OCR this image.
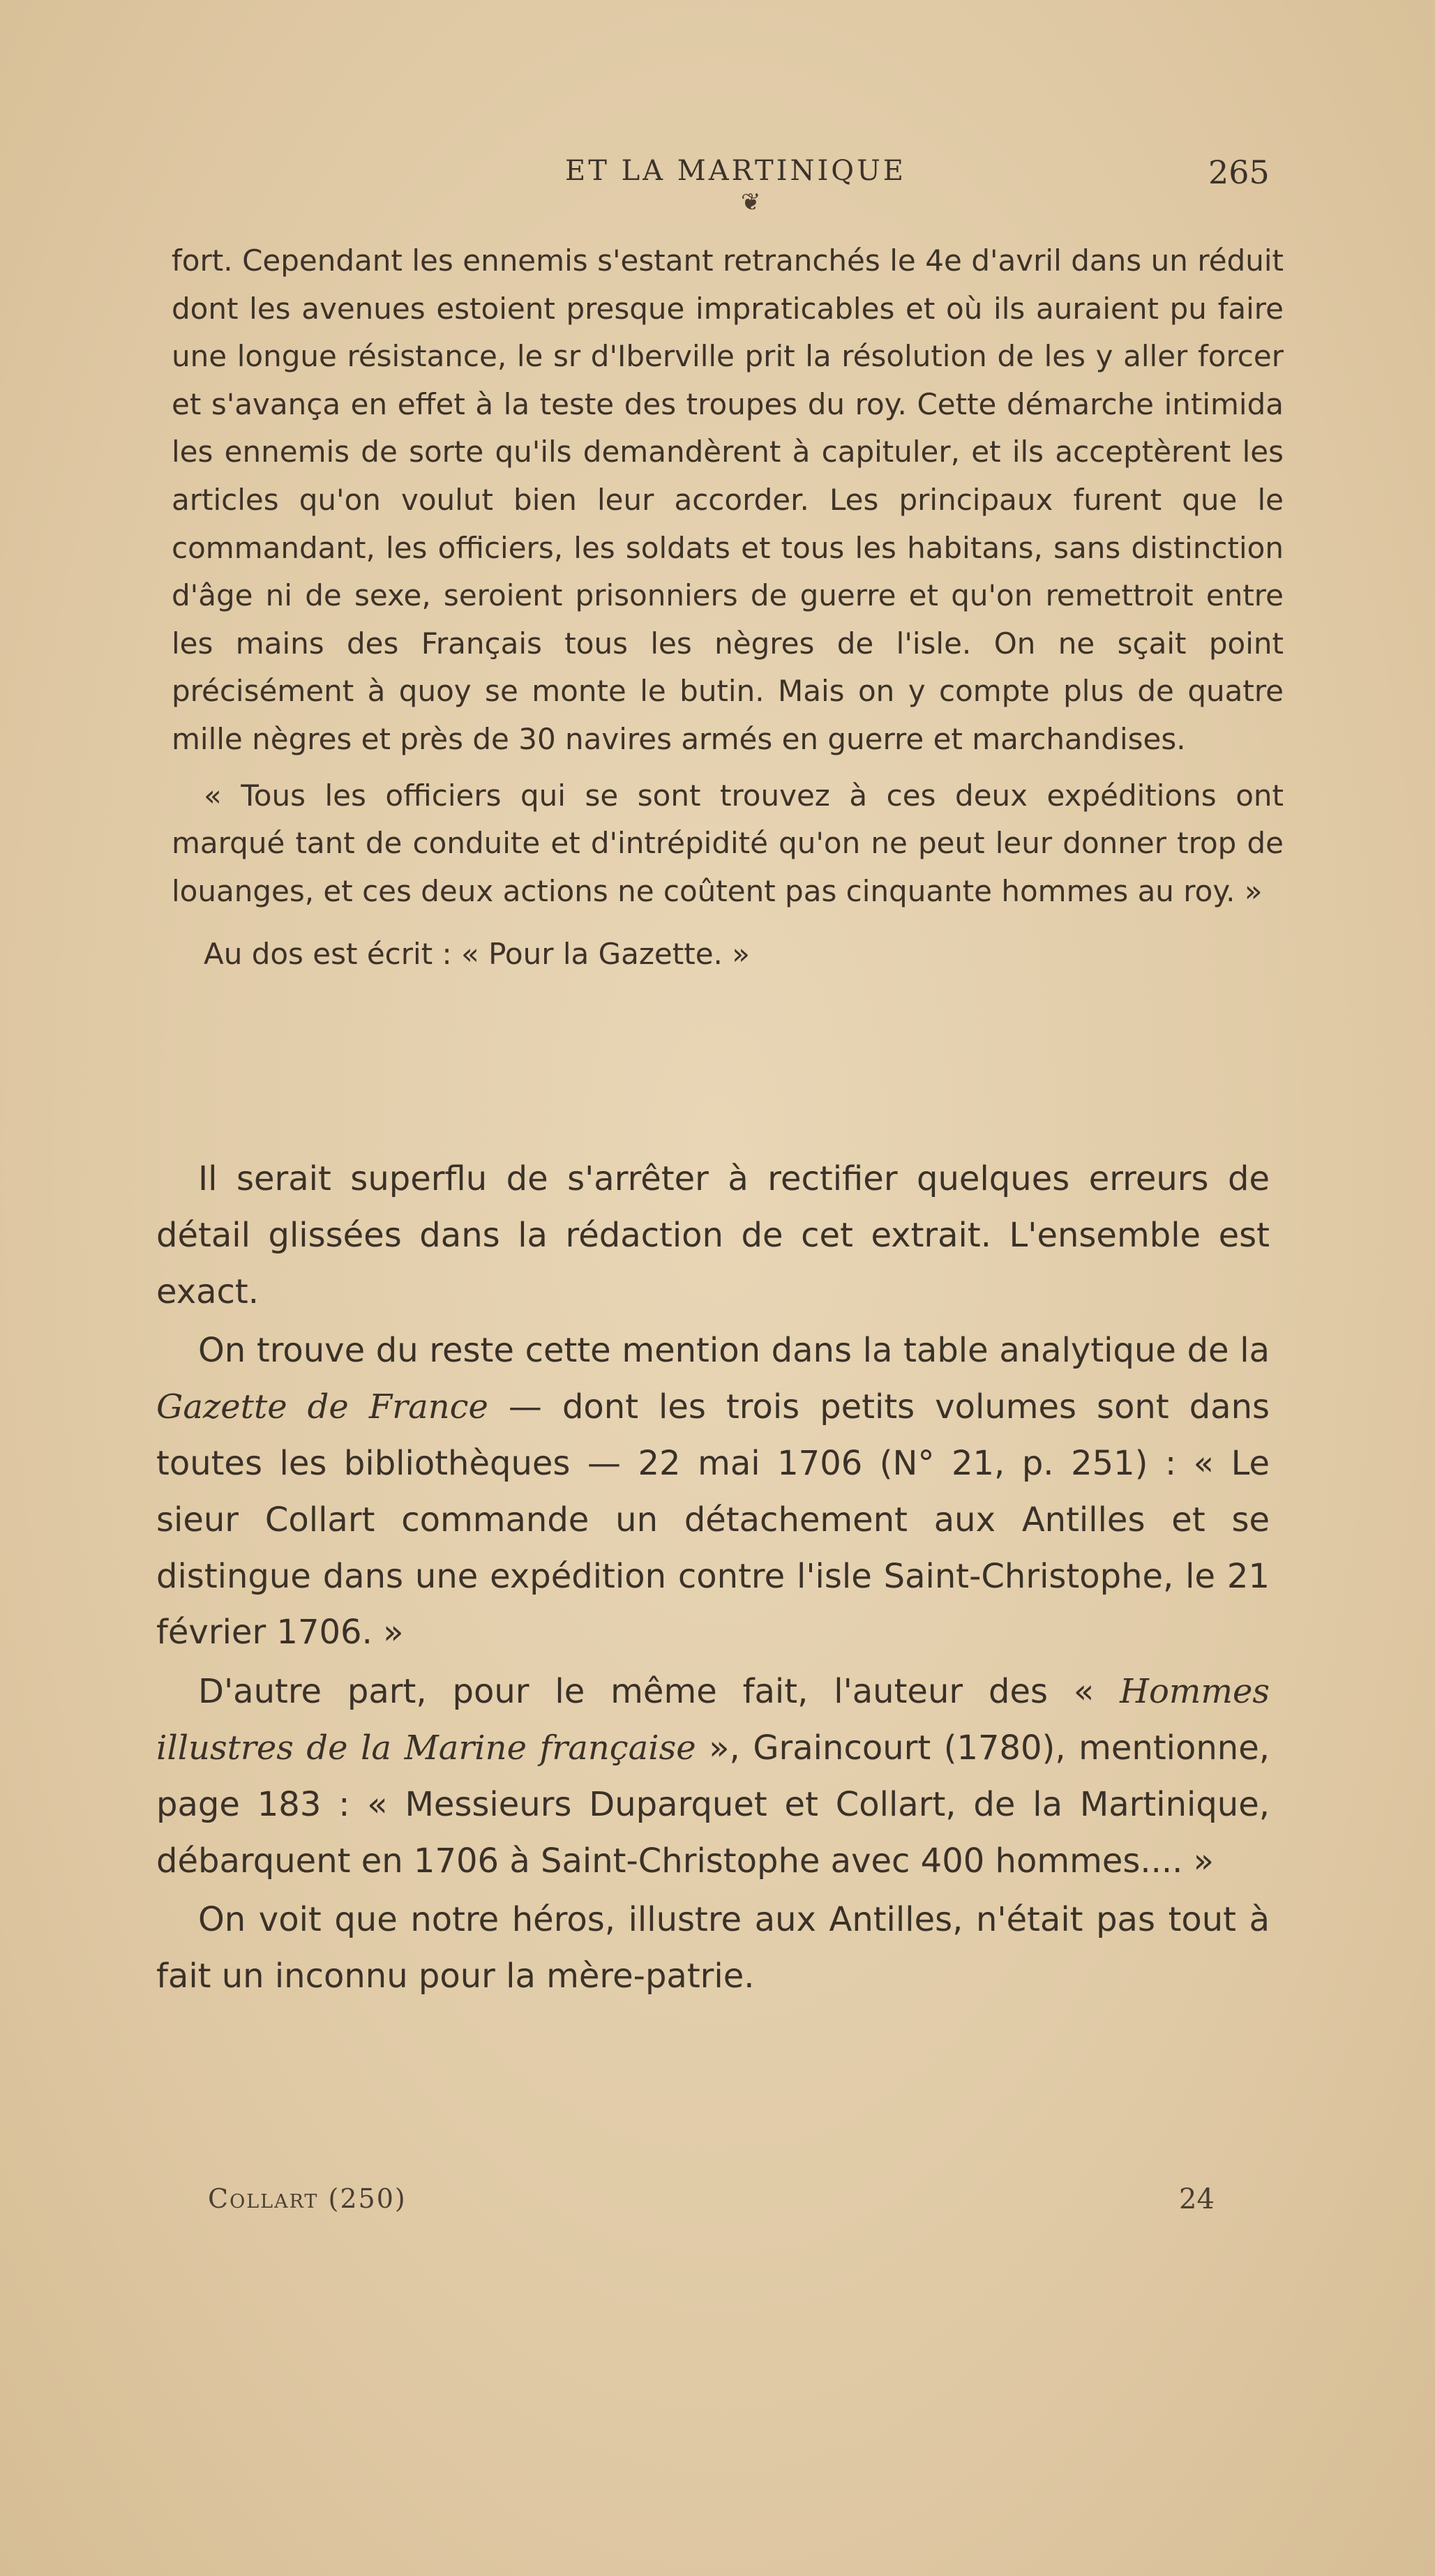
ET LA MARTINIQUE	265
❦

fort. Cependant les ennemis s'estant retranchés le 4e d'avril dans un réduit dont les avenues estoient presque impraticables et où ils auraient pu faire une longue résistance, le sr d'Iberville prit la résolution de les y aller forcer et s'avança en effet à la teste des troupes du roy. Cette démarche intimida les ennemis de sorte qu'ils demandèrent à capituler, et ils acceptèrent les articles qu'on voulut bien leur accorder. Les principaux furent que le commandant, les officiers, les soldats et tous les habitans, sans distinction d'âge ni de sexe, seroient prisonniers de guerre et qu'on remettroit entre les mains des Français tous les nègres de l'isle. On ne sçait point précisément à quoy se monte le butin. Mais on y compte plus de quatre mille nègres et près de 30 navires armés en guerre et marchandises.

« Tous les officiers qui se sont trouvez à ces deux expéditions ont marqué tant de conduite et d'intrépidité qu'on ne peut leur donner trop de louanges, et ces deux actions ne coûtent pas cinquante hommes au roy. »

Au dos est écrit : « Pour la Gazette. »

Il serait superflu de s'arrêter à rectifier quelques erreurs de détail glissées dans la rédaction de cet extrait. L'ensemble est exact.

On trouve du reste cette mention dans la table analytique de la Gazette de France — dont les trois petits volumes sont dans toutes les bibliothèques — 22 mai 1706 (N° 21, p. 251) : « Le sieur Collart commande un détachement aux Antilles et se distingue dans une expédition contre l'isle Saint-Christophe, le 21 février 1706. »

D'autre part, pour le même fait, l'auteur des « Hommes illustres de la Marine française », Graincourt (1780), mentionne, page 183 : « Messieurs Duparquet et Collart, de la Martinique, débarquent en 1706 à Saint-Christophe avec 400 hommes.... »

On voit que notre héros, illustre aux Antilles, n'était pas tout à fait un inconnu pour la mère-patrie.

Collart (250)	24
